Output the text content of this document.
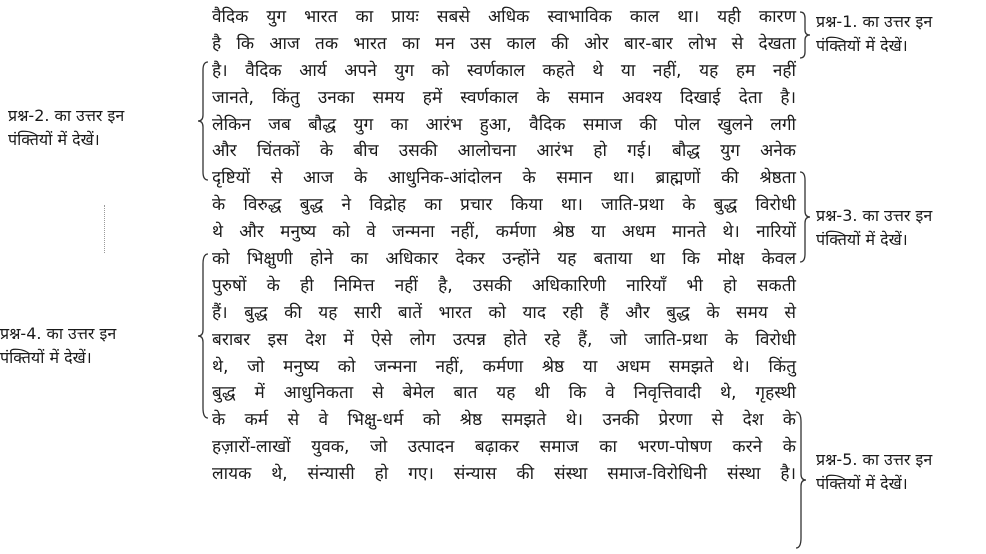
वैदिक युग भारत का प्रायः सबसे अधिक स्वाभाविक काल था। यही कारण
है कि आज तक भारत का मन उस काल की ओर बार-बार लोभ से देखता
है। वैदिक आर्य अपने युग को स्वर्णकाल कहते थे या नहीं, यह हम नहीं
जानते, किंतु उनका समय हमें स्वर्णकाल के समान अवश्य दिखाई देता है।
लेकिन जब बौद्ध युग का आरंभ हुआ, वैदिक समाज की पोल खुलने लगी
और चिंतकों के बीच उसकी आलोचना आरंभ हो गई। बौद्ध युग अनेक
दृष्टियों से आज के आधुनिक-आंदोलन के समान था। ब्राह्मणों की श्रेष्ठता
के विरुद्ध बुद्ध ने विद्रोह का प्रचार किया था। जाति-प्रथा के बुद्ध विरोधी
थे और मनुष्य को वे जन्मना नहीं, कर्मणा श्रेष्ठ या अधम मानते थे। नारियों
को भिक्षुणी होने का अधिकार देकर उन्होंने यह बताया था कि मोक्ष केवल
पुरुषों के ही निमित्त नहीं है, उसकी अधिकारिणी नारियाँ भी हो सकती
हैं। बुद्ध की यह सारी बातें भारत को याद रही हैं और बुद्ध के समय से
बराबर इस देश में ऐसे लोग उत्पन्न होते रहे हैं, जो जाति-प्रथा के विरोधी
थे, जो मनुष्य को जन्मना नहीं, कर्मणा श्रेष्ठ या अधम समझते थे। किंतु
बुद्ध में आधुनिकता से बेमेल बात यह थी कि वे निवृत्तिवादी थे, गृहस्थी
के कर्म से वे भिक्षु-धर्म को श्रेष्ठ समझते थे। उनकी प्रेरणा से देश के
हज़ारों-लाखों युवक, जो उत्पादन बढ़ाकर समाज का भरण-पोषण करने के
लायक थे, संन्यासी हो गए। संन्यास की संस्था समाज-विरोधिनी संस्था है।
प्रश्न-1. का उत्तर इन
पंक्तियों में देखें।
प्रश्न-2. का उत्तर इन
पंक्तियों में देखें।
प्रश्न-3. का उत्तर इन
पंक्तियों में देखें।
प्रश्न-4. का उत्तर इन
पंक्तियों में देखें।
प्रश्न-5. का उत्तर इन
पंक्तियों में देखें।
